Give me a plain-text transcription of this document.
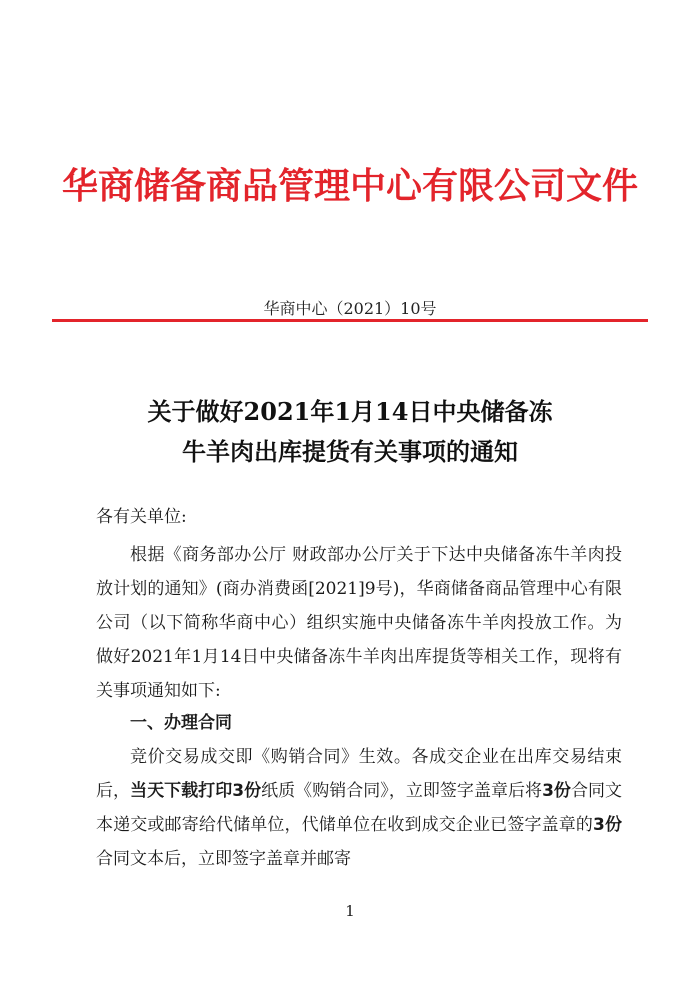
华商储备商品管理中心有限公司文件
华商中心（2021）10号
关于做好2021年1月14日中央储备冻
牛羊肉出库提货有关事项的通知
各有关单位:
根据《商务部办公厅 财政部办公厅关于下达中央储备冻牛羊肉投放计划的通知》(商办消费函[2021]9号)，华商储备商品管理中心有限公司（以下简称华商中心）组织实施中央储备冻牛羊肉投放工作。为做好2021年1月14日中央储备冻牛羊肉出库提货等相关工作，现将有关事项通知如下:
一、办理合同
竞价交易成交即《购销合同》生效。各成交企业在出库交易结束后，当天下载打印3份纸质《购销合同》，立即签字盖章后将3份合同文本递交或邮寄给代储单位，代储单位在收到成交企业已签字盖章的3份合同文本后，立即签字盖章并邮寄
1
